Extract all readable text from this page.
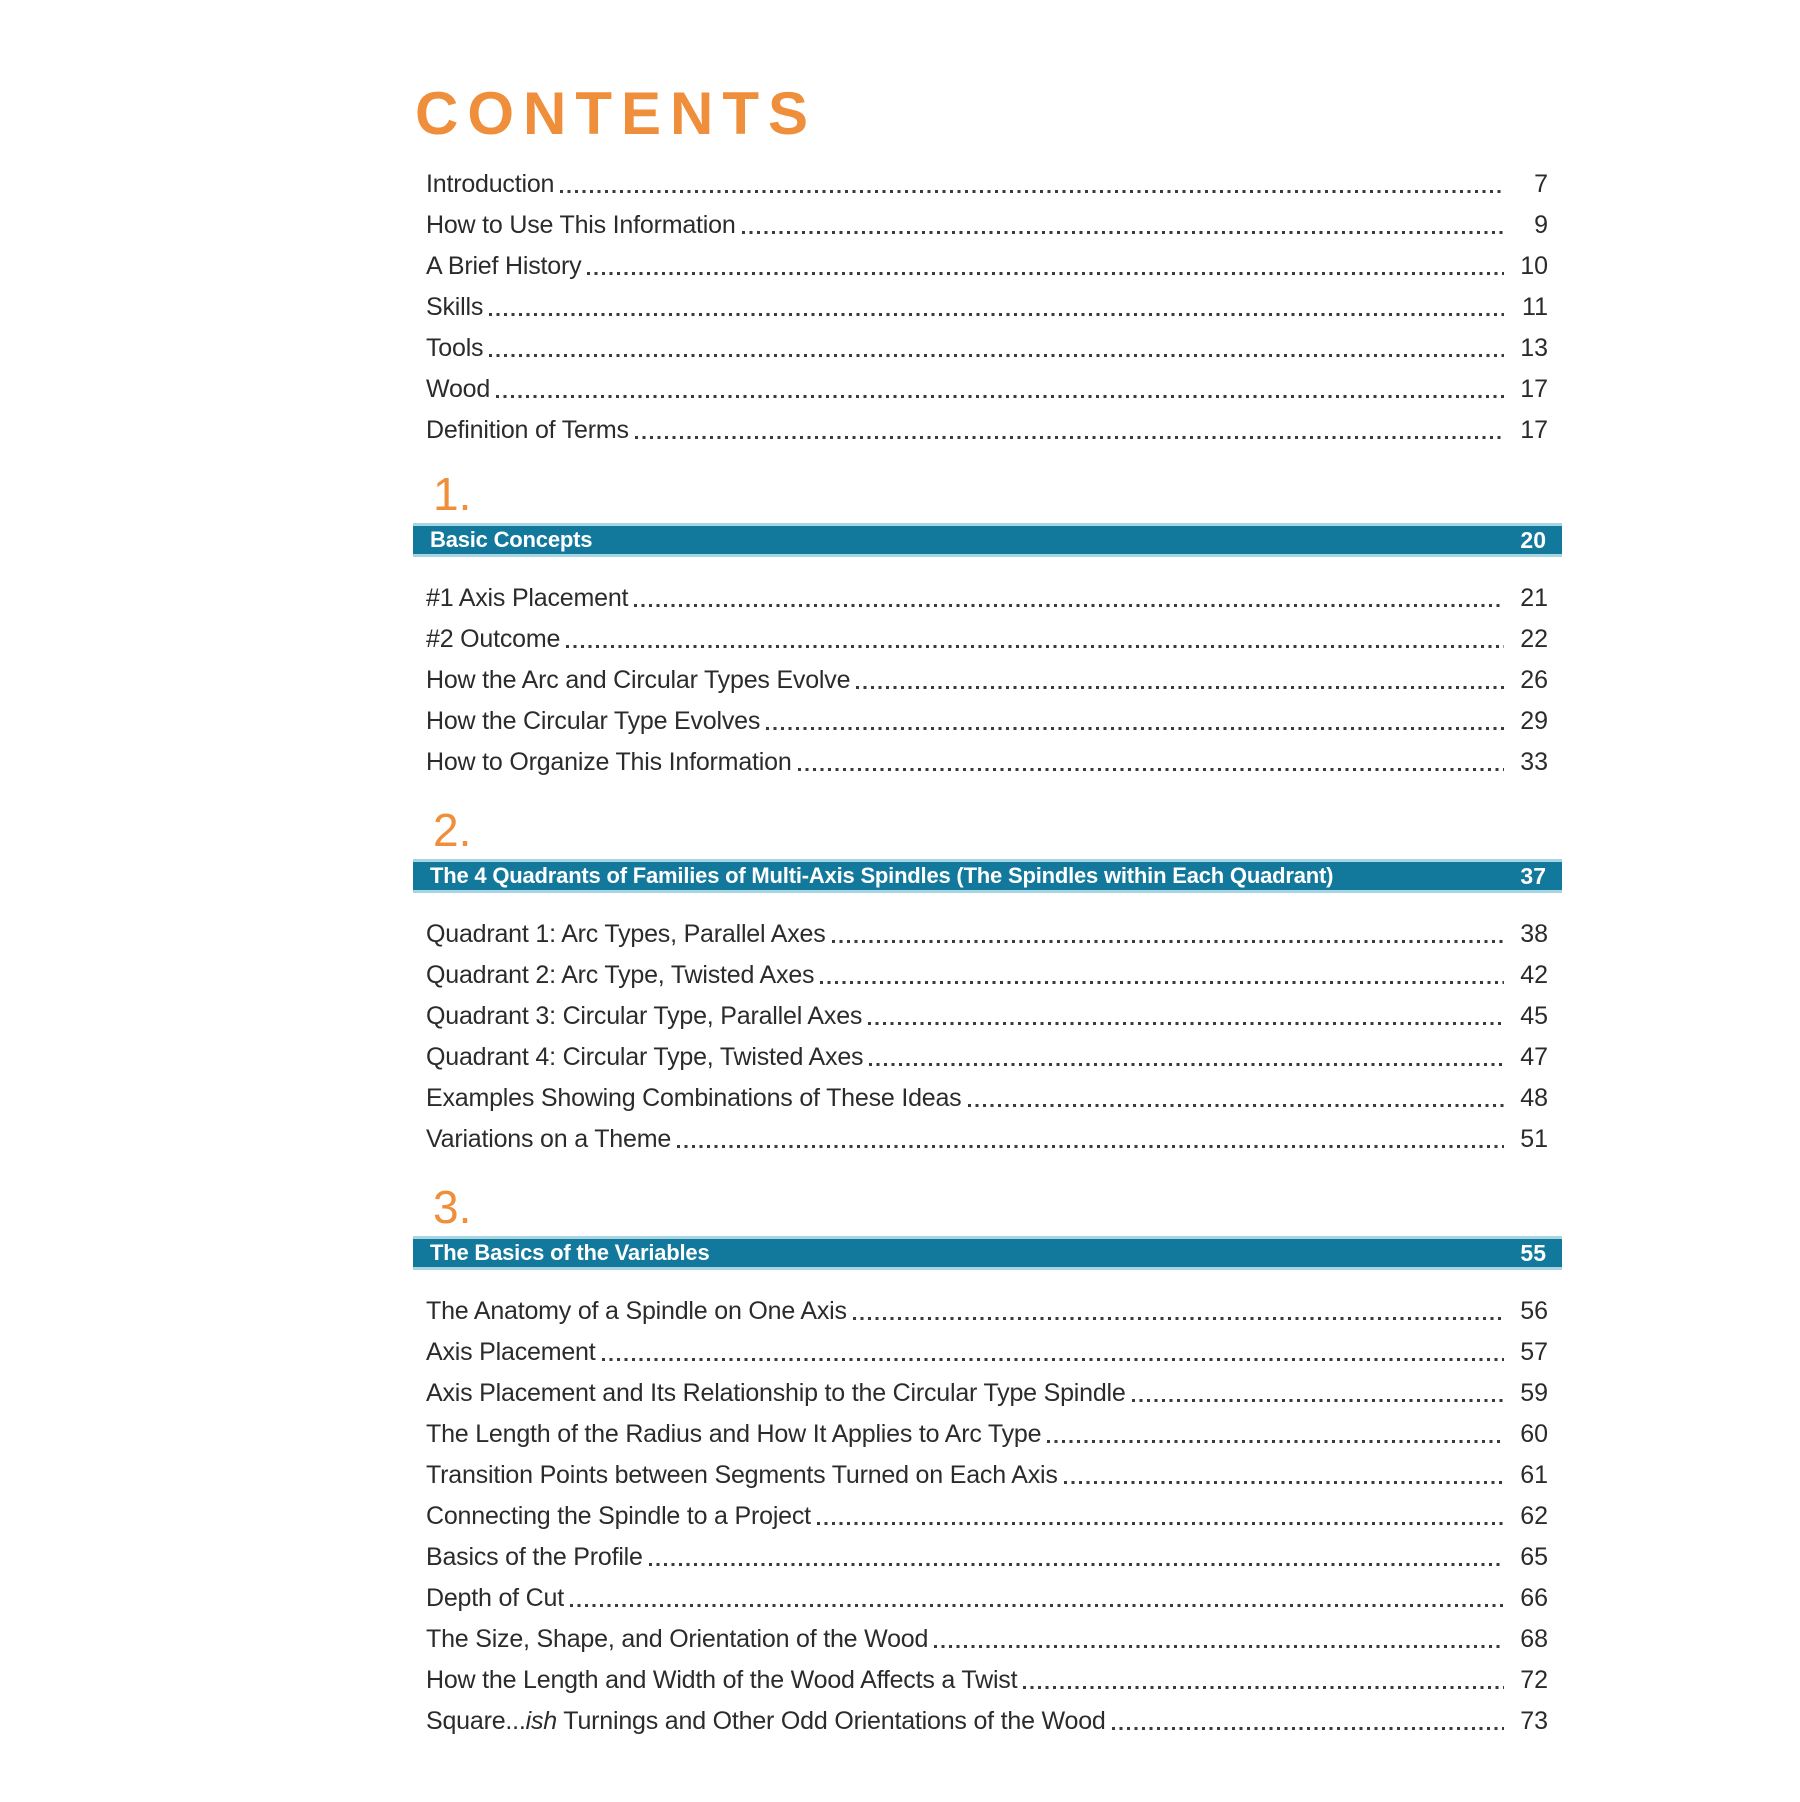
CONTENTS
Introduction	7
How to Use This Information	9
A Brief History	10
Skills	11
Tools	13
Wood	17
Definition of Terms	17
1.
Basic Concepts	20
#1 Axis Placement	21
#2 Outcome	22
How the Arc and Circular Types Evolve	26
How the Circular Type Evolves	29
How to Organize This Information	33
2.
The 4 Quadrants of Families of Multi-Axis Spindles (The Spindles within Each Quadrant)	37
Quadrant 1: Arc Types, Parallel Axes	38
Quadrant 2: Arc Type, Twisted Axes	42
Quadrant 3: Circular Type, Parallel Axes	45
Quadrant 4: Circular Type, Twisted Axes	47
Examples Showing Combinations of These Ideas	48
Variations on a Theme	51
3.
The Basics of the Variables	55
The Anatomy of a Spindle on One Axis	56
Axis Placement	57
Axis Placement and Its Relationship to the Circular Type Spindle	59
The Length of the Radius and How It Applies to Arc Type	60
Transition Points between Segments Turned on Each Axis	61
Connecting the Spindle to a Project	62
Basics of the Profile	65
Depth of Cut	66
The Size, Shape, and Orientation of the Wood	68
How the Length and Width of the Wood Affects a Twist	72
Square...ish Turnings and Other Odd Orientations of the Wood	73
